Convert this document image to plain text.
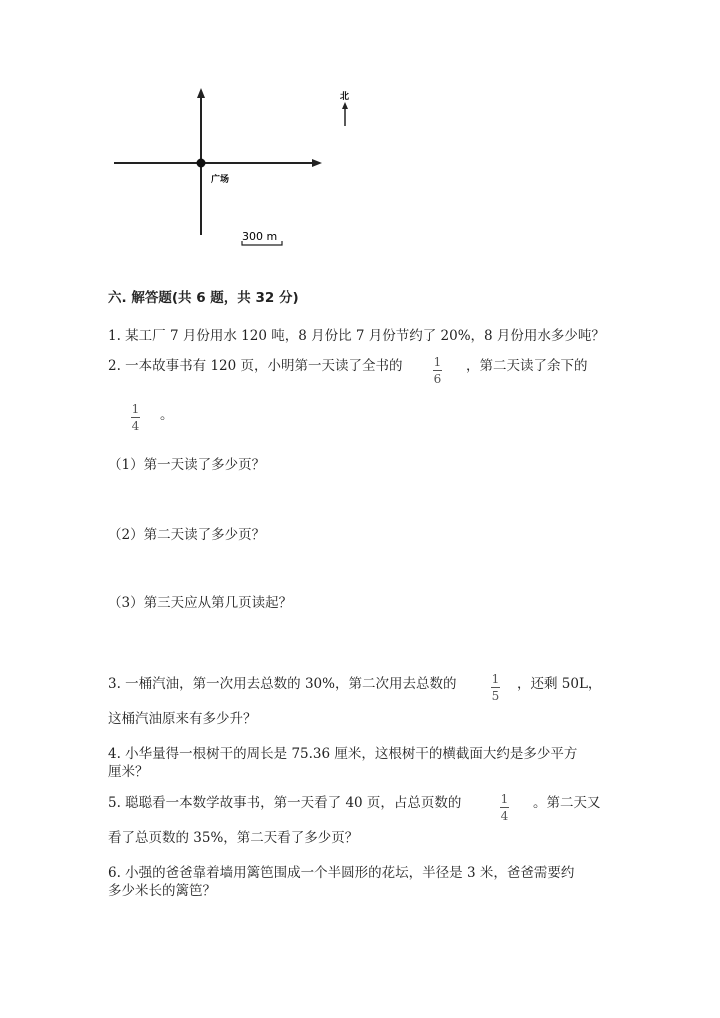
广场
北
300 m
六. 解答题(共 6 题，共 32 分)
1. 某工厂 7 月份用水 120 吨，8 月份比 7 月份节约了 20%，8 月份用水多少吨？
2. 一本故事书有 120 页，小明第一天读了全书的	1
6
，第二天读了余下的
1
4
。
（1）第一天读了多少页？
（2）第二天读了多少页？
（3）第三天应从第几页读起？
3. 一桶汽油，第一次用去总数的 30%，第二次用去总数的	1
5
，还剩 50L，
这桶汽油原来有多少升？
4. 小华量得一根树干的周长是 75.36 厘米，这根树干的横截面大约是多少平方
厘米？
5. 聪聪看一本数学故事书，第一天看了 40 页，占总页数的	1
4
。第二天又
看了总页数的 35%，第二天看了多少页？
6. 小强的爸爸靠着墙用篱笆围成一个半圆形的花坛，半径是 3 米，爸爸需要约
多少米长的篱笆？
